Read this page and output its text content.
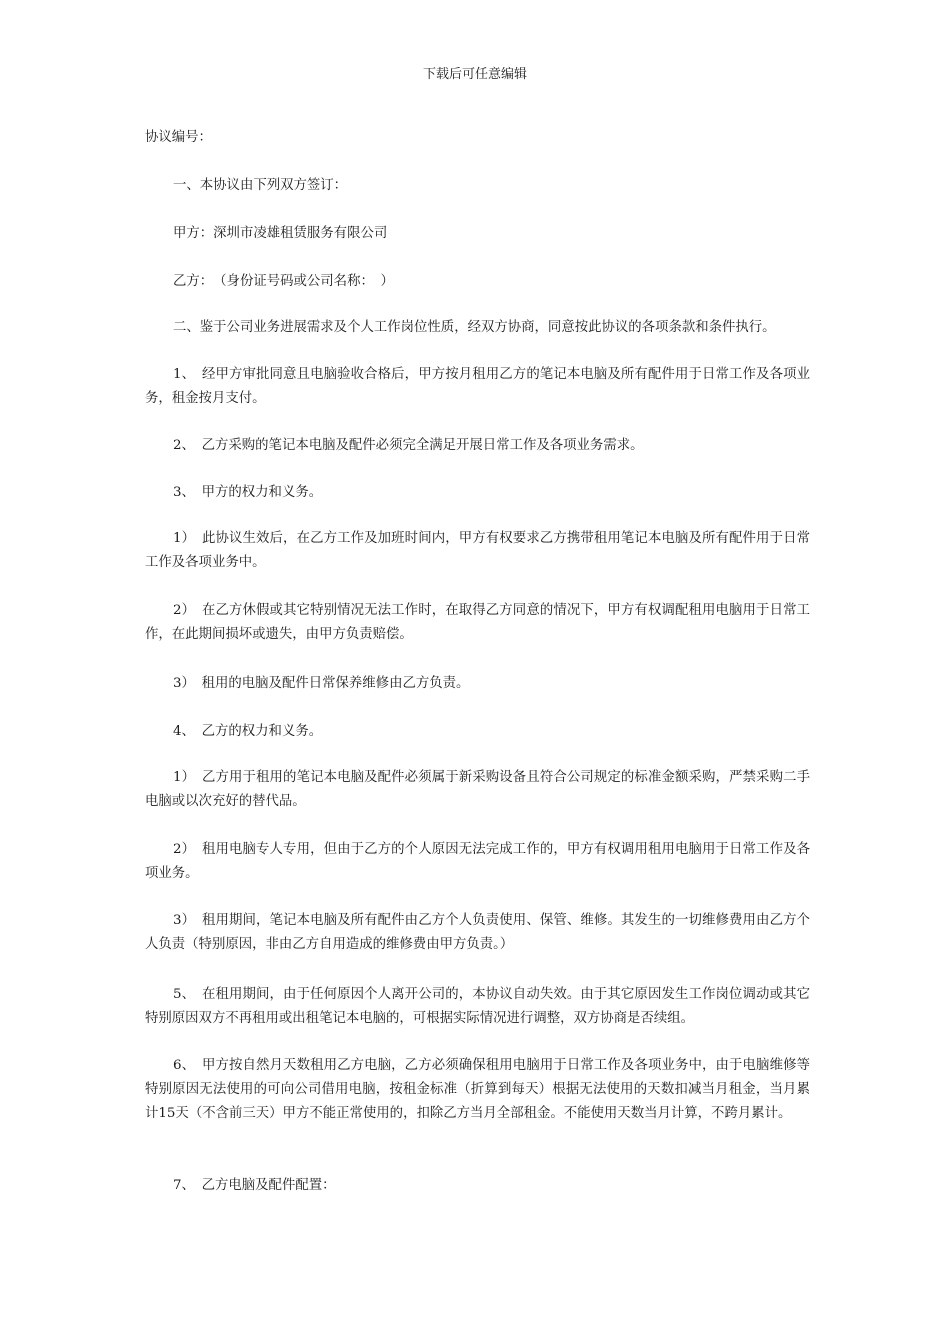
下载后可任意编辑

协议编号：

一、本协议由下列双方签订：

甲方：深圳市凌雄租赁服务有限公司

乙方：　（身份证号码或公司名称：　）

二、鉴于公司业务进展需求及个人工作岗位性质，经双方协商，同意按此协议的各项条款和条件执行。

1、　经甲方审批同意且电脑验收合格后，甲方按月租用乙方的笔记本电脑及所有配件用于日常工作及各项业务，租金按月支付。

2、　乙方采购的笔记本电脑及配件必须完全满足开展日常工作及各项业务需求。

3、　甲方的权力和义务。

1）　此协议生效后，在乙方工作及加班时间内，甲方有权要求乙方携带租用笔记本电脑及所有配件用于日常工作及各项业务中。

2）　在乙方休假或其它特别情况无法工作时，在取得乙方同意的情况下，甲方有权调配租用电脑用于日常工作，在此期间损坏或遗失，由甲方负责赔偿。

3）　租用的电脑及配件日常保养维修由乙方负责。

4、　乙方的权力和义务。

1）　乙方用于租用的笔记本电脑及配件必须属于新采购设备且符合公司规定的标准金额采购，严禁采购二手电脑或以次充好的替代品。

2）　租用电脑专人专用，但由于乙方的个人原因无法完成工作的，甲方有权调用租用电脑用于日常工作及各项业务。

3）　租用期间，笔记本电脑及所有配件由乙方个人负责使用、保管、维修。其发生的一切维修费用由乙方个人负责（特别原因，非由乙方自用造成的维修费由甲方负责。）

5、　在租用期间，由于任何原因个人离开公司的，本协议自动失效。由于其它原因发生工作岗位调动或其它特别原因双方不再租用或出租笔记本电脑的，可根据实际情况进行调整，双方协商是否续组。

6、　甲方按自然月天数租用乙方电脑，乙方必须确保租用电脑用于日常工作及各项业务中，由于电脑维修等特别原因无法使用的可向公司借用电脑，按租金标准（折算到每天）根据无法使用的天数扣减当月租金，当月累计15天（不含前三天）甲方不能正常使用的，扣除乙方当月全部租金。不能使用天数当月计算，不跨月累计。

7、　乙方电脑及配件配置：
